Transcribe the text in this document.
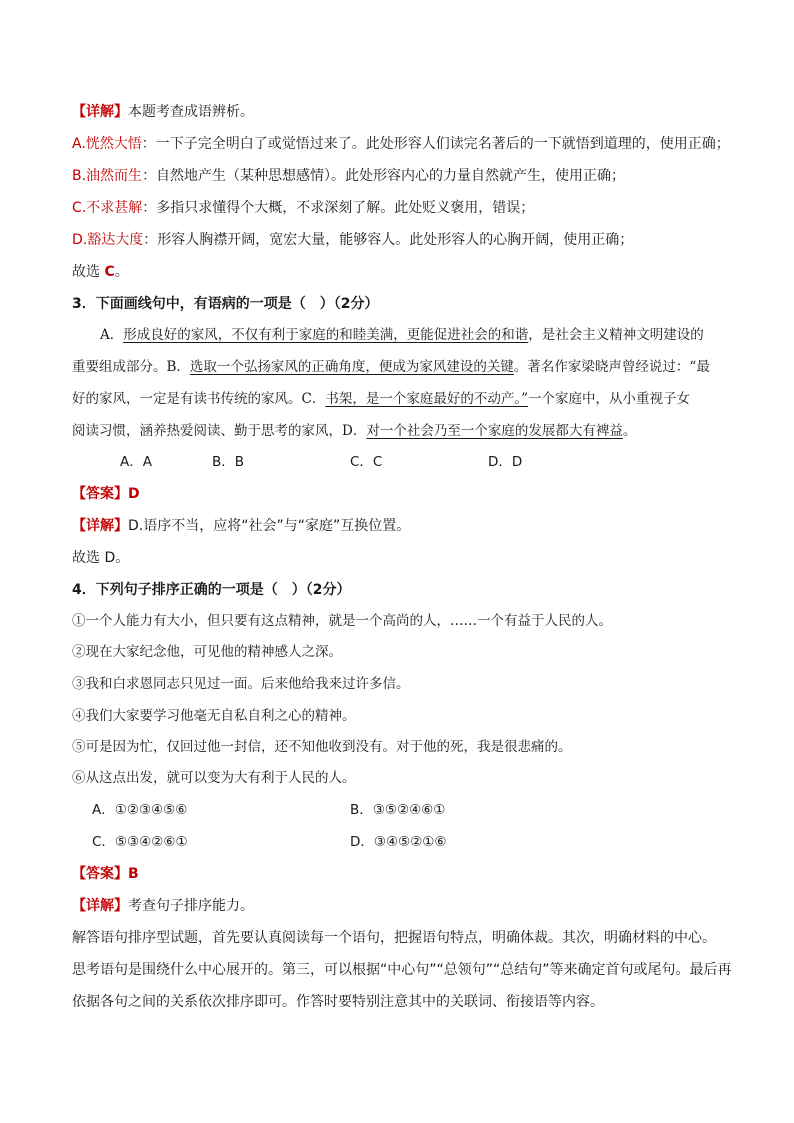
【详解】本题考查成语辨析。
A.恍然大悟：一下子完全明白了或觉悟过来了。此处形容人们读完名著后的一下就悟到道理的，使用正确；
B.油然而生：自然地产生（某种思想感情）。此处形容内心的力量自然就产生，使用正确；
C.不求甚解：多指只求懂得个大概，不求深刻了解。此处贬义褒用，错误；
D.豁达大度：形容人胸襟开阔，宽宏大量，能够容人。此处形容人的心胸开阔，使用正确；
故选 C。
3．下面画线句中，有语病的一项是（　）（2分）
A．形成良好的家风，不仅有利于家庭的和睦美满，更能促进社会的和谐，是社会主义精神文明建设的
重要组成部分。B．选取一个弘扬家风的正确角度，便成为家风建设的关键。著名作家梁晓声曾经说过：“最
好的家风，一定是有读书传统的家风。C．书架，是一个家庭最好的不动产。”一个家庭中，从小重视子女
阅读习惯，涵养热爱阅读、勤于思考的家风，D．对一个社会乃至一个家庭的发展都大有裨益。
A．A	B．B	C．C	D．D
【答案】D
【详解】D.语序不当，应将“社会”与“家庭”互换位置。
故选 D。
4．下列句子排序正确的一项是（　）（2分）
①一个人能力有大小，但只要有这点精神，就是一个高尚的人，……一个有益于人民的人。
②现在大家纪念他，可见他的精神感人之深。
③我和白求恩同志只见过一面。后来他给我来过许多信。
④我们大家要学习他毫无自私自利之心的精神。
⑤可是因为忙，仅回过他一封信，还不知他收到没有。对于他的死，我是很悲痛的。
⑥从这点出发，就可以变为大有利于人民的人。
A．①②③④⑤⑥	B．③⑤②④⑥①
C．⑤③④②⑥①	D．③④⑤②①⑥
【答案】B
【详解】考查句子排序能力。
解答语句排序型试题，首先要认真阅读每一个语句，把握语句特点，明确体裁。其次，明确材料的中心。
思考语句是围绕什么中心展开的。第三，可以根据“中心句”“总领句”“总结句”等来确定首句或尾句。最后再
依据各句之间的关系依次排序即可。作答时要特别注意其中的关联词、衔接语等内容。
